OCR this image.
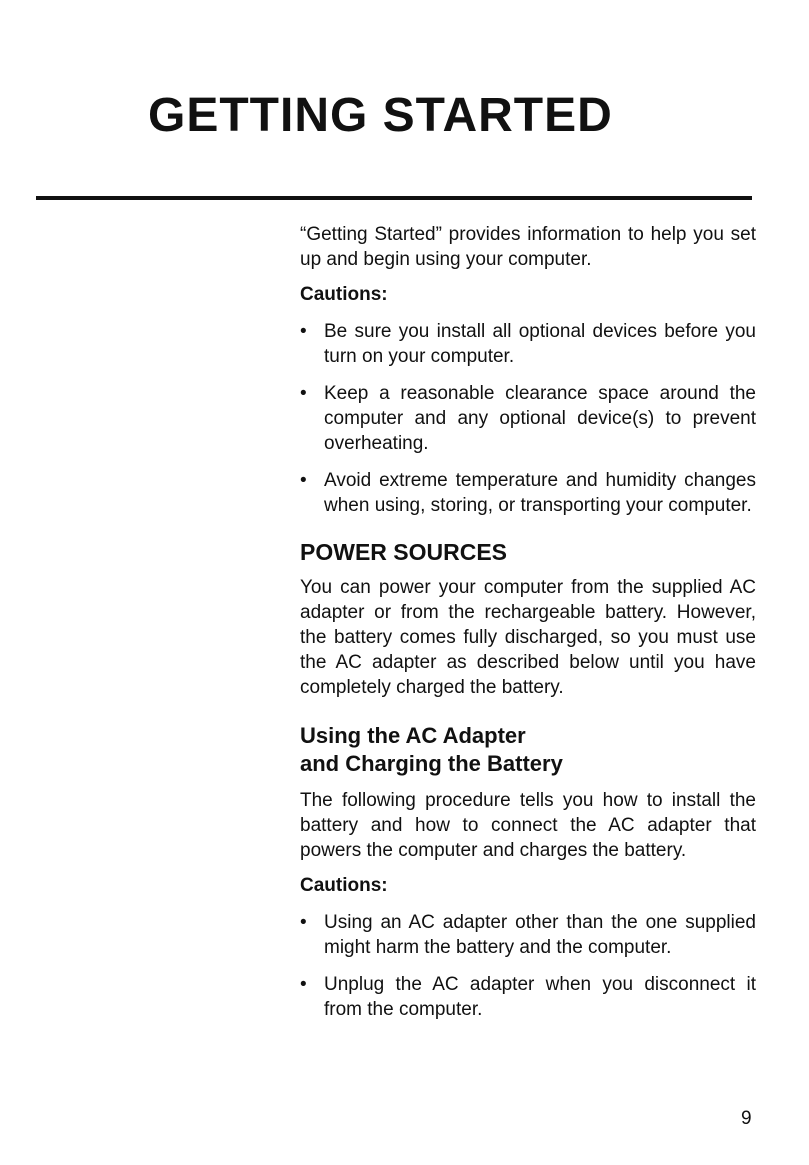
GETTING STARTED

“Getting Started” provides information to help you set up and begin using your computer.

Cautions:

• Be sure you install all optional devices before you turn on your computer.
• Keep a reasonable clearance space around the computer and any optional device(s) to prevent overheating.
• Avoid extreme temperature and humidity changes when using, storing, or transporting your computer.
POWER SOURCES

You can power your computer from the supplied AC adapter or from the rechargeable battery. However, the battery comes fully discharged, so you must use the AC adapter as described below until you have completely charged the battery.

Using the AC Adapter
and Charging the Battery

The following procedure tells you how to install the battery and how to connect the AC adapter that powers the computer and charges the battery.

Cautions:

• Using an AC adapter other than the one supplied might harm the battery and the computer.
• Unplug the AC adapter when you disconnect it from the computer.
9
